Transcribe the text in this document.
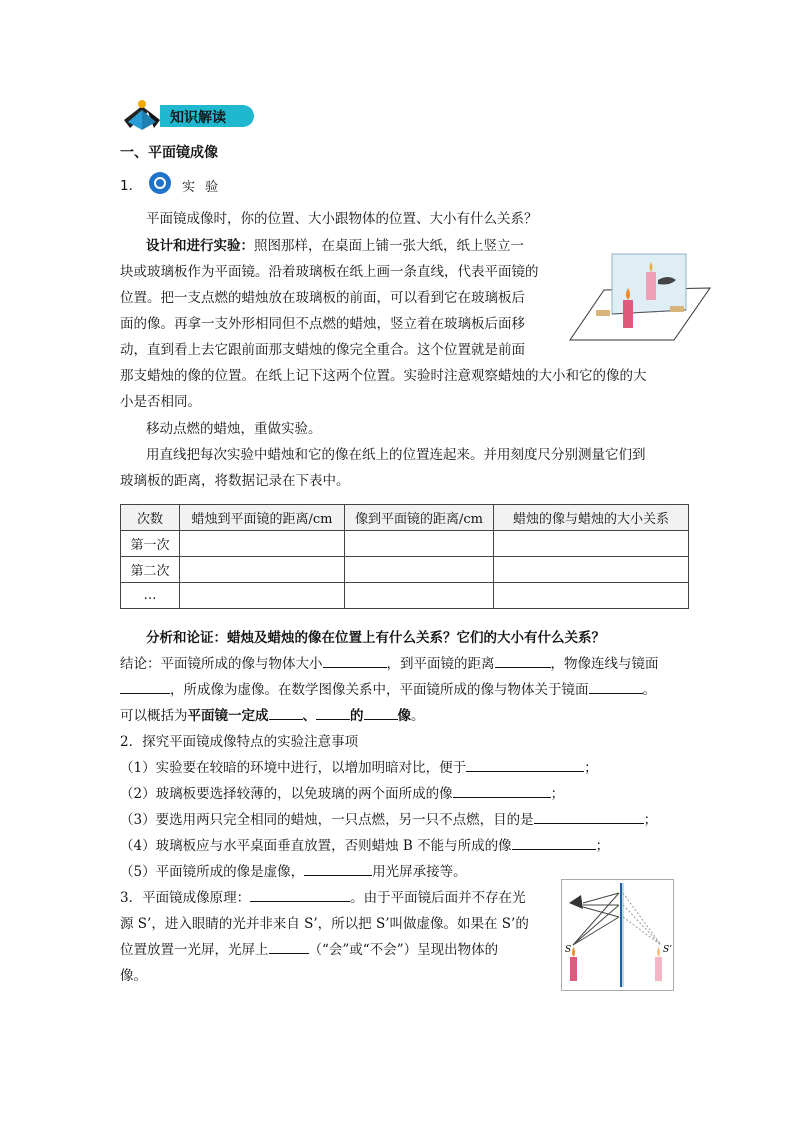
知识解读
一、平面镜成像
1．	实 验
平面镜成像时，你的位置、大小跟物体的位置、大小有什么关系？
设计和进行实验：照图那样，在桌面上铺一张大纸，纸上竖立一
块或玻璃板作为平面镜。沿着玻璃板在纸上画一条直线，代表平面镜的
位置。把一支点燃的蜡烛放在玻璃板的前面，可以看到它在玻璃板后
面的像。再拿一支外形相同但不点燃的蜡烛，竖立着在玻璃板后面移
动，直到看上去它跟前面那支蜡烛的像完全重合。这个位置就是前面
那支蜡烛的像的位置。在纸上记下这两个位置。实验时注意观察蜡烛的大小和它的像的大
小是否相同。
移动点燃的蜡烛，重做实验。
用直线把每次实验中蜡烛和它的像在纸上的位置连起来。并用刻度尺分别测量它们到
玻璃板的距离，将数据记录在下表中。
次数	蜡烛到平面镜的距离/cm	像到平面镜的距离/cm	蜡烛的像与蜡烛的大小关系
第一次			
第二次			
…			
分析和论证：蜡烛及蜡烛的像在位置上有什么关系？它们的大小有什么关系？
结论：平面镜所成的像与物体大小	，到平面镜的距离	，物像连线与镜面
，所成像为虚像。在数学图像关系中，平面镜所成的像与物体关于镜面	。
可以概括为平面镜一定成	、	的	像。
2．探究平面镜成像特点的实验注意事项
（1）实验要在较暗的环境中进行，以增加明暗对比，便于	；
（2）玻璃板要选择较薄的，以免玻璃的两个面所成的像	；
（3）要选用两只完全相同的蜡烛，一只点燃，另一只不点燃，目的是	；
（4）玻璃板应与水平桌面垂直放置，否则蜡烛 B 不能与所成的像	；
（5）平面镜所成的像是虚像，	用光屏承接等。
3．平面镜成像原理：	。由于平面镜后面并不存在光
源 S’，进入眼睛的光并非来自 S’，所以把 S’叫做虚像。如果在 S’的
位置放置一光屏，光屏上	（“会”或“不会”）呈现出物体的
像。
S	S’
